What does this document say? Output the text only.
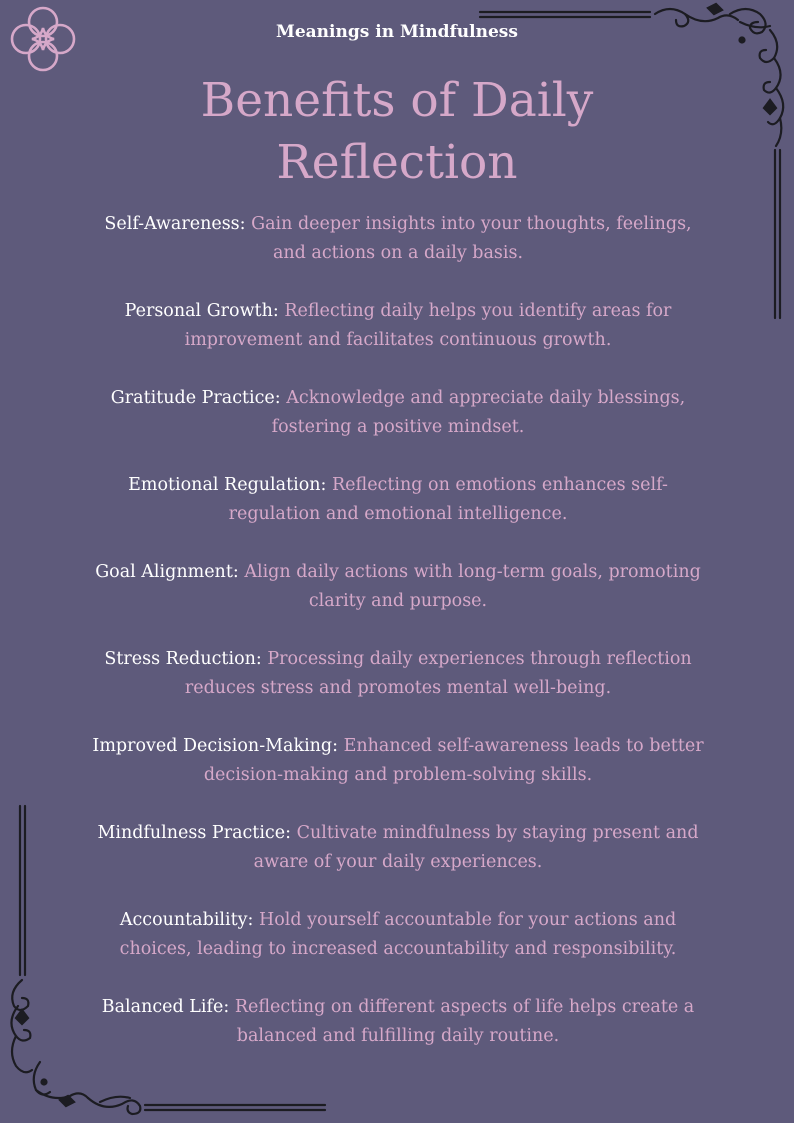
Meanings in Mindfulness
Benefits of Daily
Reflection

Self-Awareness: Gain deeper insights into your thoughts, feelings, and actions on a daily basis.

Personal Growth: Reflecting daily helps you identify areas for improvement and facilitates continuous growth.

Gratitude Practice: Acknowledge and appreciate daily blessings, fostering a positive mindset.

Emotional Regulation: Reflecting on emotions enhances self-regulation and emotional intelligence.

Goal Alignment: Align daily actions with long-term goals, promoting clarity and purpose.

Stress Reduction: Processing daily experiences through reflection reduces stress and promotes mental well-being.

Improved Decision-Making: Enhanced self-awareness leads to better decision-making and problem-solving skills.

Mindfulness Practice: Cultivate mindfulness by staying present and aware of your daily experiences.

Accountability: Hold yourself accountable for your actions and choices, leading to increased accountability and responsibility.

Balanced Life: Reflecting on different aspects of life helps create a balanced and fulfilling daily routine.
